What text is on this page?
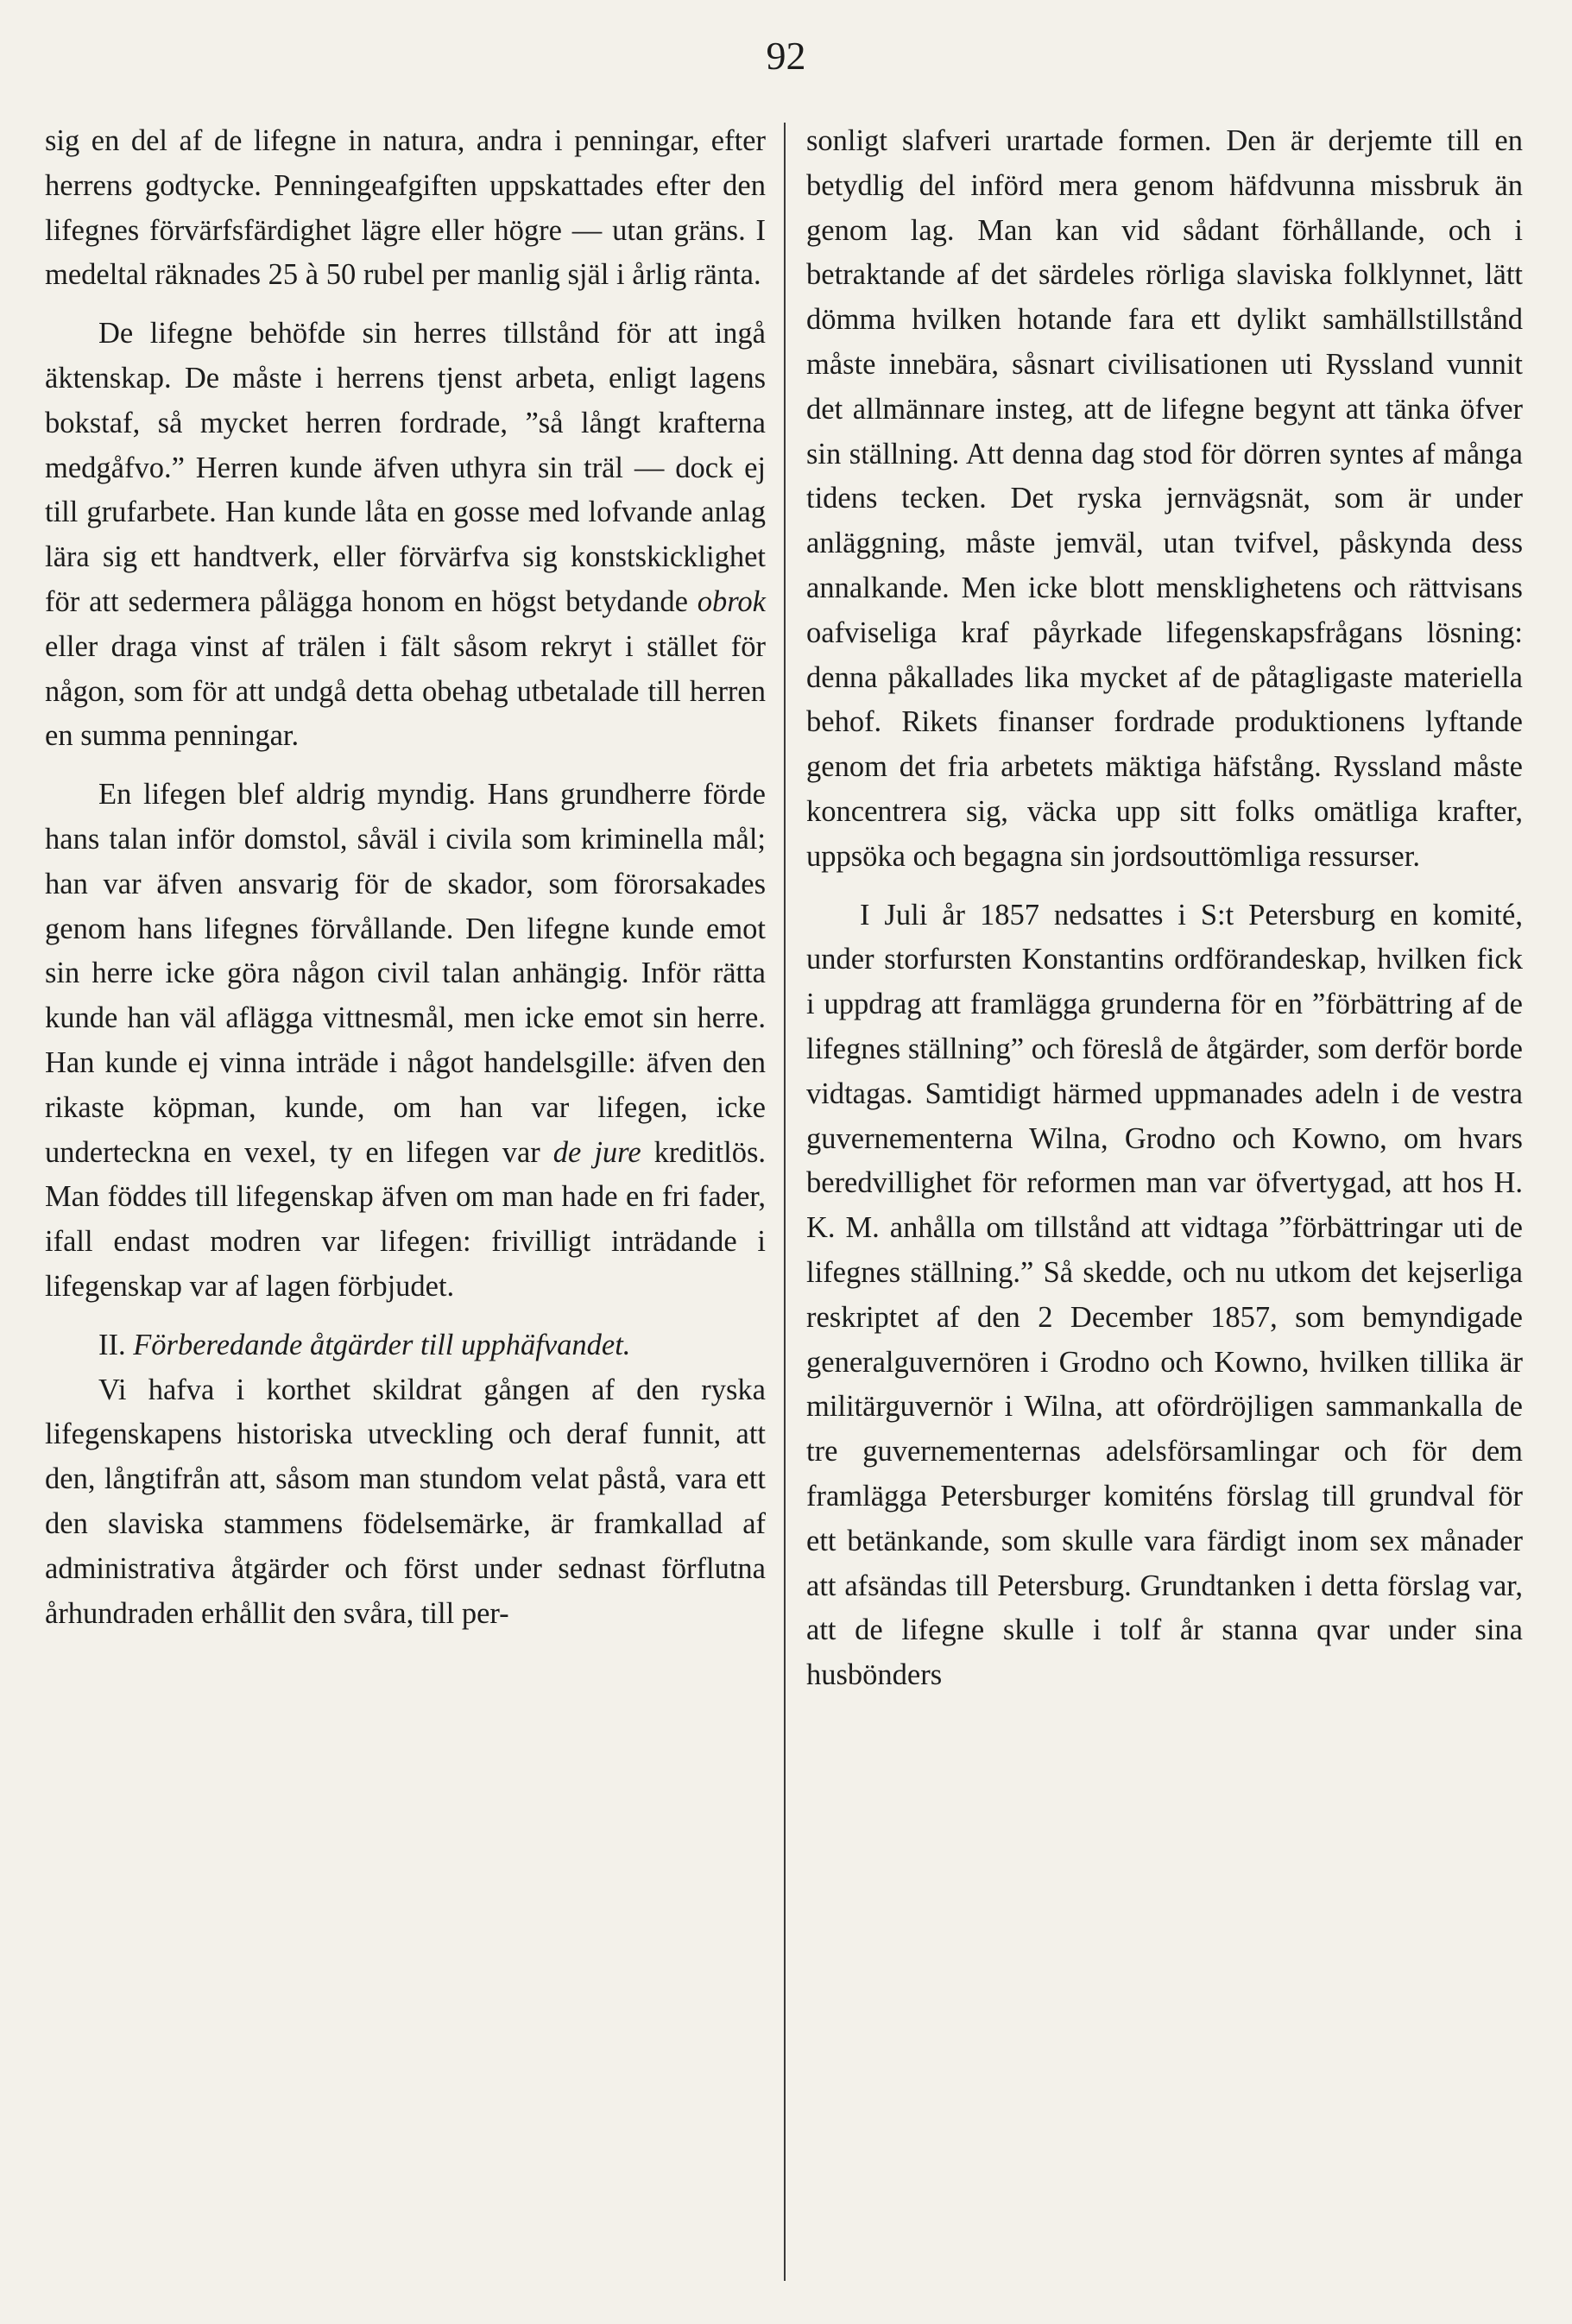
92

sig en del af de lifegne in natura, andra i penningar, efter herrens godtycke. Penningeafgiften uppskattades efter den lifegnes förvärfsfärdighet lägre eller högre — utan gräns. I medeltal räknades 25 à 50 rubel per manlig själ i årlig ränta.

De lifegne behöfde sin herres tillstånd för att ingå äktenskap. De måste i herrens tjenst arbeta, enligt lagens bokstaf, så mycket herren fordrade, ”så långt krafterna medgåfvo.” Herren kunde äfven uthyra sin träl — dock ej till grufarbete. Han kunde låta en gosse med lofvande anlag lära sig ett handtverk, eller förvärfva sig konstskicklighet för att sedermera pålägga honom en högst betydande obrok eller draga vinst af trälen i fält såsom rekryt i stället för någon, som för att undgå detta obehag utbetalade till herren en summa penningar.

En lifegen blef aldrig myndig. Hans grundherre förde hans talan inför domstol, såväl i civila som kriminella mål; han var äfven ansvarig för de skador, som förorsakades genom hans lifegnes förvållande. Den lifegne kunde emot sin herre icke göra någon civil talan anhängig. Inför rätta kunde han väl aflägga vittnesmål, men icke emot sin herre. Han kunde ej vinna inträde i något handelsgille: äfven den rikaste köpman, kunde, om han var lifegen, icke underteckna en vexel, ty en lifegen var de jure kreditlös. Man föddes till lifegenskap äfven om man hade en fri fader, ifall endast modren var lifegen: frivilligt inträdande i lifegenskap var af lagen förbjudet.

II. Förberedande åtgärder till upphäfvandet.

Vi hafva i korthet skildrat gången af den ryska lifegenskapens historiska utveckling och deraf funnit, att den, långtifrån att, såsom man stundom velat påstå, vara ett den slaviska stammens födelsemärke, är framkallad af administrativa åtgärder och först under sednast förflutna århundraden erhållit den svåra, till per-

sonligt slafveri urartade formen. Den är derjemte till en betydlig del införd mera genom häfdvunna missbruk än genom lag. Man kan vid sådant förhållande, och i betraktande af det särdeles rörliga slaviska folklynnet, lätt dömma hvilken hotande fara ett dylikt samhällstillstånd måste innebära, såsnart civilisationen uti Ryssland vunnit det allmännare insteg, att de lifegne begynt att tänka öfver sin ställning. Att denna dag stod för dörren syntes af många tidens tecken. Det ryska jernvägsnät, som är under anläggning, måste jemväl, utan tvifvel, påskynda dess annalkande. Men icke blott mensklighetens och rättvisans oafviseliga kraf påyrkade lifegenskapsfrågans lösning: denna påkallades lika mycket af de påtagligaste materiella behof. Rikets finanser fordrade produktionens lyftande genom det fria arbetets mäktiga häfstång. Ryssland måste koncentrera sig, väcka upp sitt folks omätliga krafter, uppsöka och begagna sin jordsouttömliga ressurser.

I Juli år 1857 nedsattes i S:t Petersburg en komité, under storfursten Konstantins ordförandeskap, hvilken fick i uppdrag att framlägga grunderna för en ”förbättring af de lifegnes ställning” och föreslå de åtgärder, som derför borde vidtagas. Samtidigt härmed uppmanades adeln i de vestra guvernementerna Wilna, Grodno och Kowno, om hvars beredvillighet för reformen man var öfvertygad, att hos H. K. M. anhålla om tillstånd att vidtaga ”förbättringar uti de lifegnes ställning.” Så skedde, och nu utkom det kejserliga reskriptet af den 2 December 1857, som bemyndigade generalguvernören i Grodno och Kowno, hvilken tillika är militärguvernör i Wilna, att ofördröjligen sammankalla de tre guvernementernas adelsförsamlingar och för dem framlägga Petersburger komiténs förslag till grundval för ett betänkande, som skulle vara färdigt inom sex månader att afsändas till Petersburg. Grundtanken i detta förslag var, att de lifegne skulle i tolf år stanna qvar under sina husbönders
